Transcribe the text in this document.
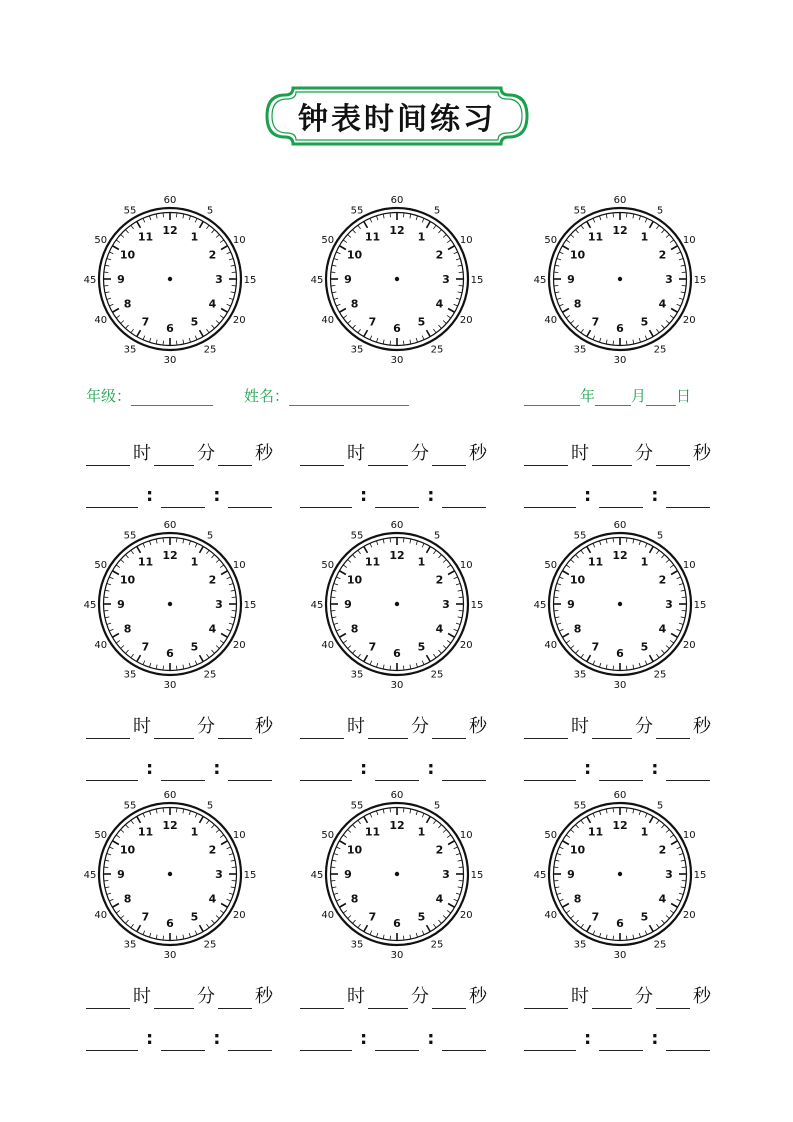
钟表时间练习
12
1
2
3
4
5
6
7
8
9
10
11
60
5
10
15
20
25
30
35
40
45
50
55
12
1
2
3
4
5
6
7
8
9
10
11
60
5
10
15
20
25
30
35
40
45
50
55
12
1
2
3
4
5
6
7
8
9
10
11
60
5
10
15
20
25
30
35
40
45
50
55
12
1
2
3
4
5
6
7
8
9
10
11
60
5
10
15
20
25
30
35
40
45
50
55
12
1
2
3
4
5
6
7
8
9
10
11
60
5
10
15
20
25
30
35
40
45
50
55
12
1
2
3
4
5
6
7
8
9
10
11
60
5
10
15
20
25
30
35
40
45
50
55
12
1
2
3
4
5
6
7
8
9
10
11
60
5
10
15
20
25
30
35
40
45
50
55
12
1
2
3
4
5
6
7
8
9
10
11
60
5
10
15
20
25
30
35
40
45
50
55
12
1
2
3
4
5
6
7
8
9
10
11
60
5
10
15
20
25
30
35
40
45
50
55
年级：	姓名：	年 月 日
时	分 秒	时	分 秒	时	分 秒
时	分 秒	时	分 秒	时	分 秒
时	分 秒	时	分 秒	时	分 秒
:	:	:	:	:	:
:	:	:	:	:	:
:	:	:	:	:	:
